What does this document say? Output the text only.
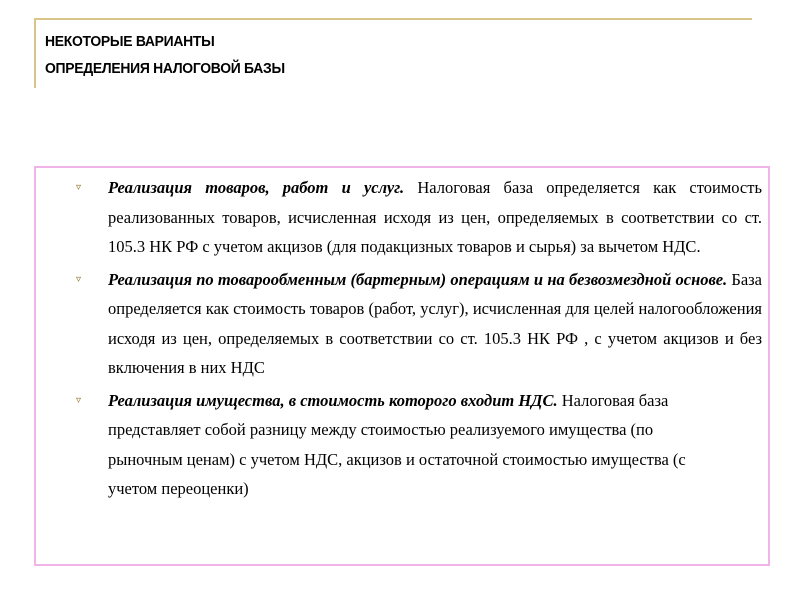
НЕКОТОРЫЕ ВАРИАНТЫ
ОПРЕДЕЛЕНИЯ НАЛОГОВОЙ БАЗЫ
▿ Реализация товаров, работ и услуг. Налоговая база определяется как стоимость реализованных товаров, исчисленная исходя из цен, определяемых в соответствии со ст. 105.3 НК РФ с учетом акцизов (для подакцизных товаров и сырья) за вычетом НДС.
▿ Реализация по товарообменным (бартерным) операциям и на безвозмездной основе. База определяется как стоимость товаров (работ, услуг), исчисленная для целей налогообложения исходя из цен, определяемых в соответствии со ст. 105.3 НК РФ , с учетом акцизов и без включения в них НДС
▿ Реализация имущества, в стоимость которого входит НДС. Налоговая база представляет собой разницу между стоимостью реализуемого имущества (по рыночным ценам) с учетом НДС, акцизов и остаточной стоимостью имущества (с учетом переоценки)
